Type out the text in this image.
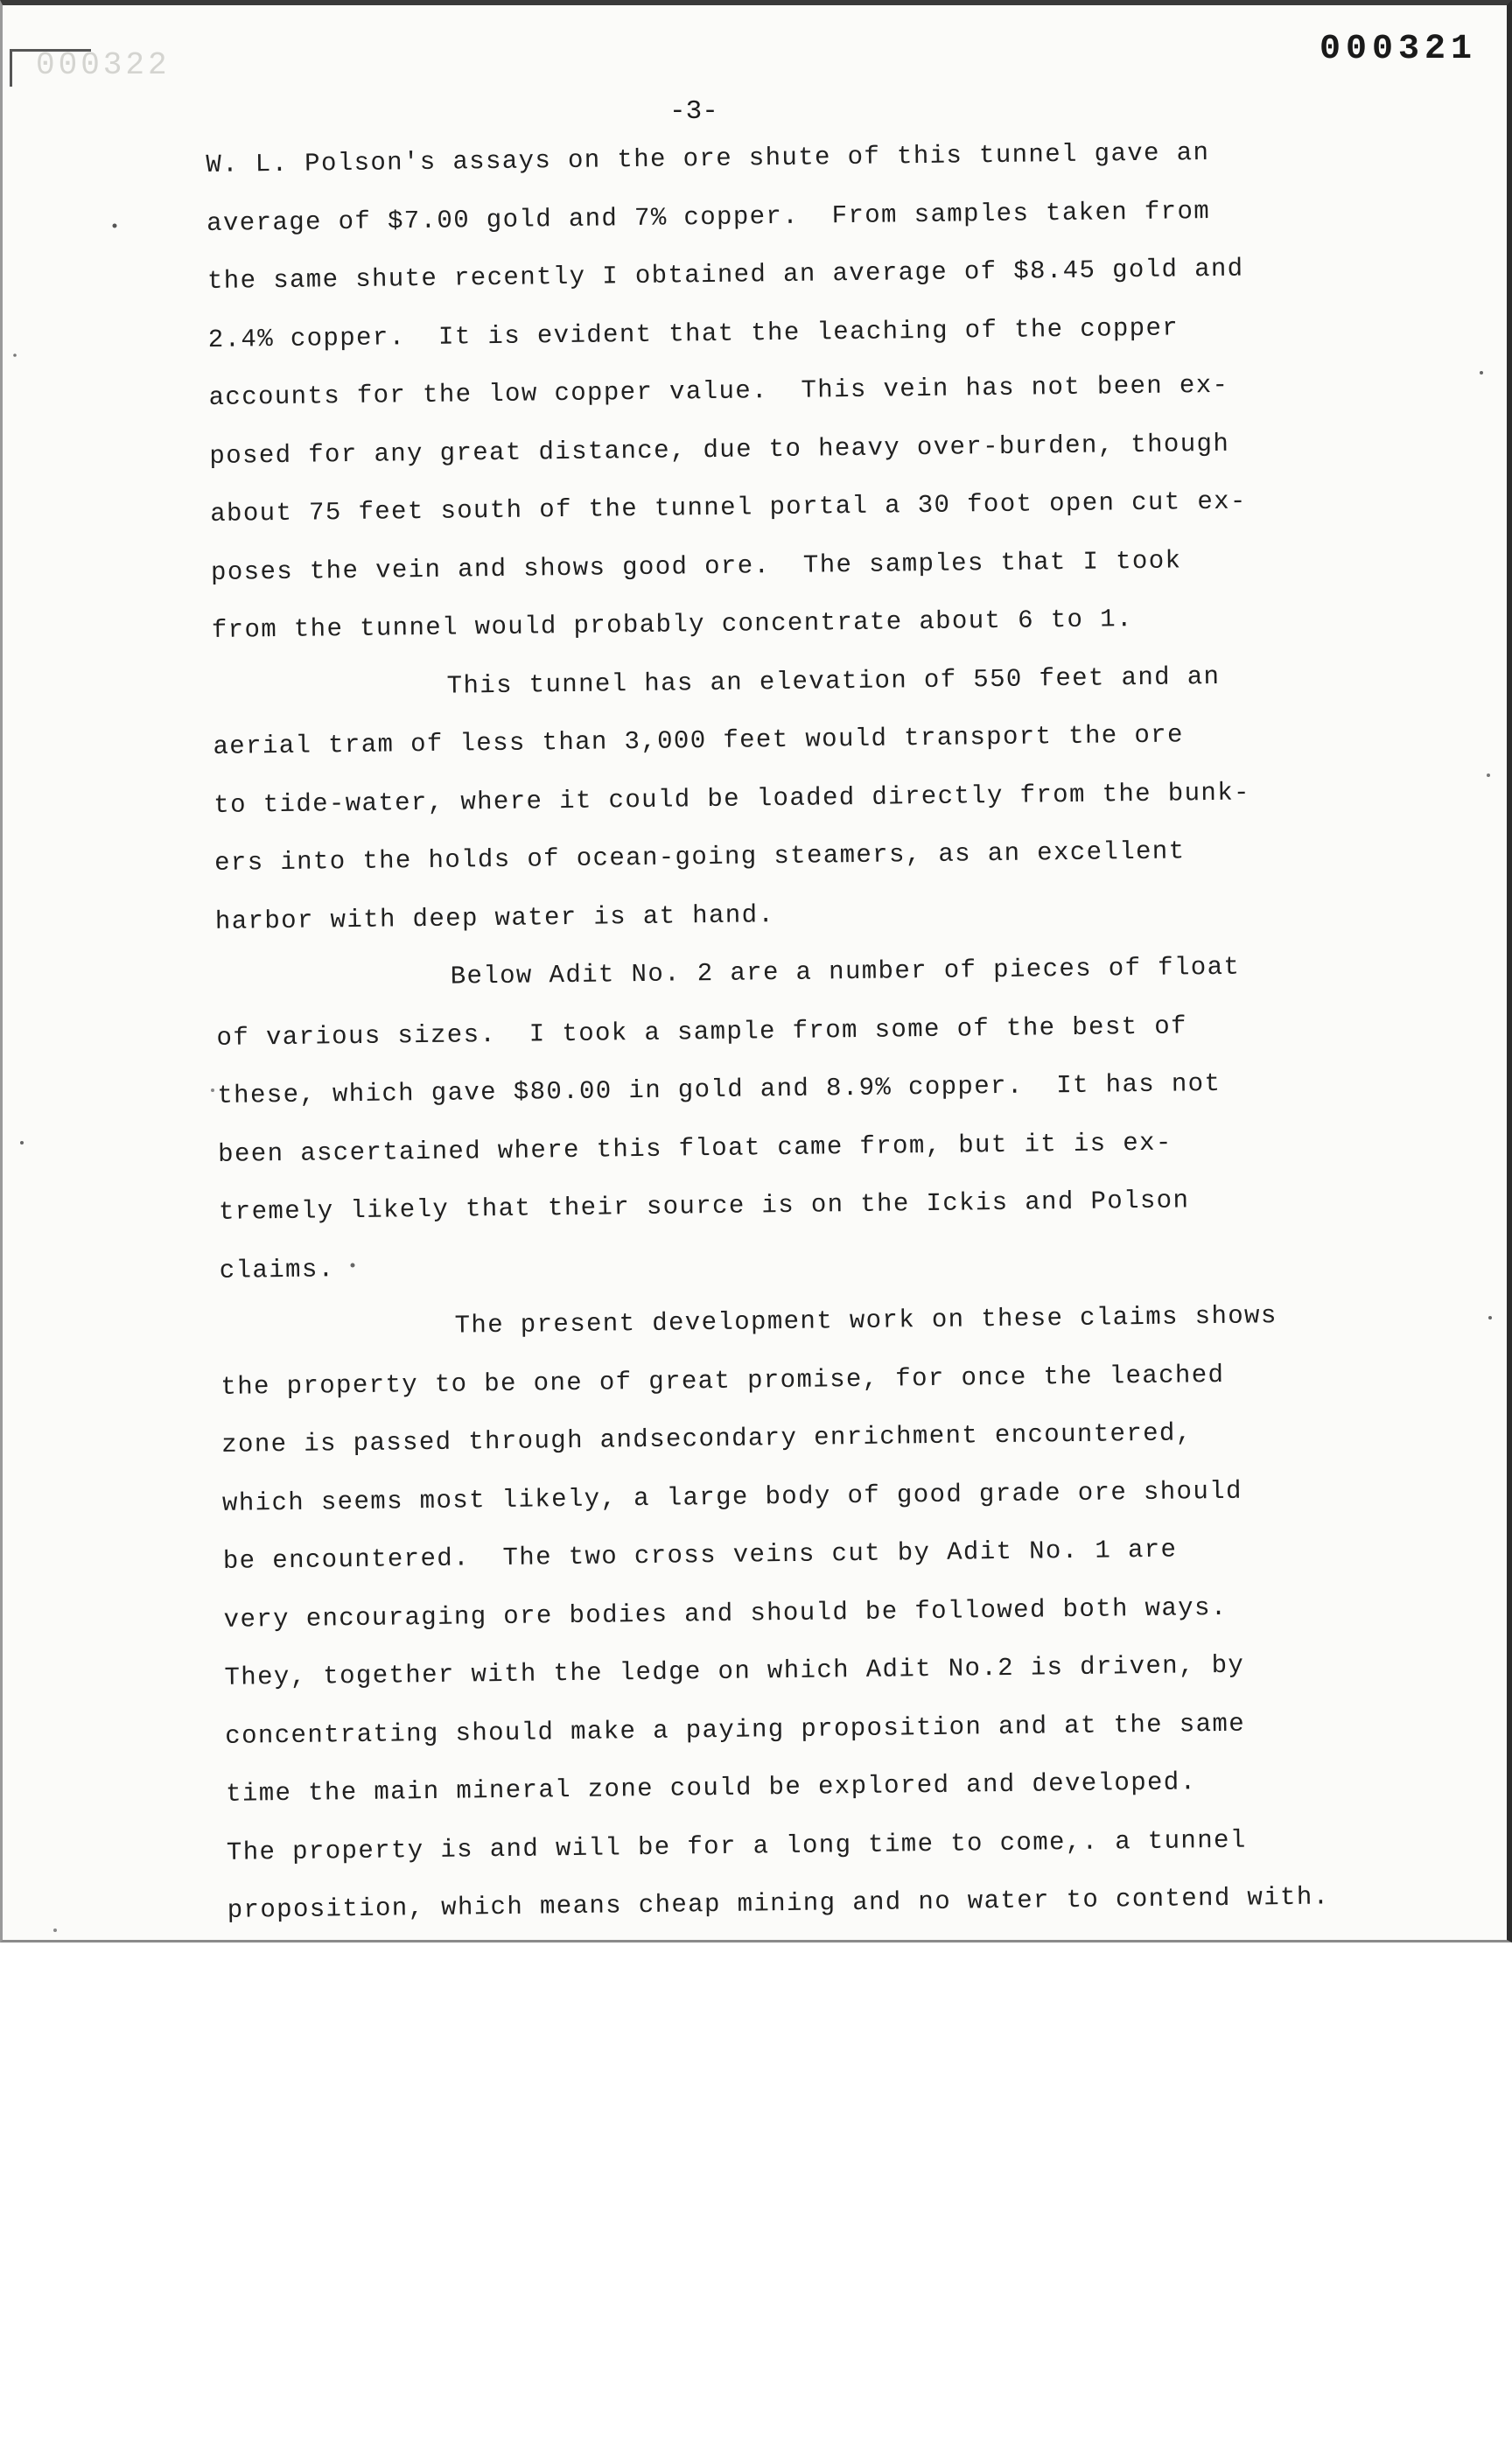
000322	000321
-3-
W. L. Polson's assays on the ore shute of this tunnel gave an
average of $7.00 gold and 7% copper.  From samples taken from
the same shute recently I obtained an average of $8.45 gold and
2.4% copper.  It is evident that the leaching of the copper
accounts for the low copper value.  This vein has not been ex-
posed for any great distance, due to heavy over-burden, though
about 75 feet south of the tunnel portal a 30 foot open cut ex-
poses the vein and shows good ore.  The samples that I took
from the tunnel would probably concentrate about 6 to 1.
This tunnel has an elevation of 550 feet and an
aerial tram of less than 3,000 feet would transport the ore
to tide-water, where it could be loaded directly from the bunk-
ers into the holds of ocean-going steamers, as an excellent
harbor with deep water is at hand.
Below Adit No. 2 are a number of pieces of float
of various sizes.  I took a sample from some of the best of
these, which gave $80.00 in gold and 8.9% copper.  It has not
been ascertained where this float came from, but it is ex-
tremely likely that their source is on the Ickis and Polson
claims.
The present development work on these claims shows
the property to be one of great promise, for once the leached
zone is passed through andsecondary enrichment encountered,
which seems most likely, a large body of good grade ore should
be encountered.  The two cross veins cut by Adit No. 1 are
very encouraging ore bodies and should be followed both ways.
They, together with the ledge on which Adit No.2 is driven, by
concentrating should make a paying proposition and at the same
time the main mineral zone could be explored and developed.
The property is and will be for a long time to come,. a tunnel
proposition, which means cheap mining and no water to contend with.
